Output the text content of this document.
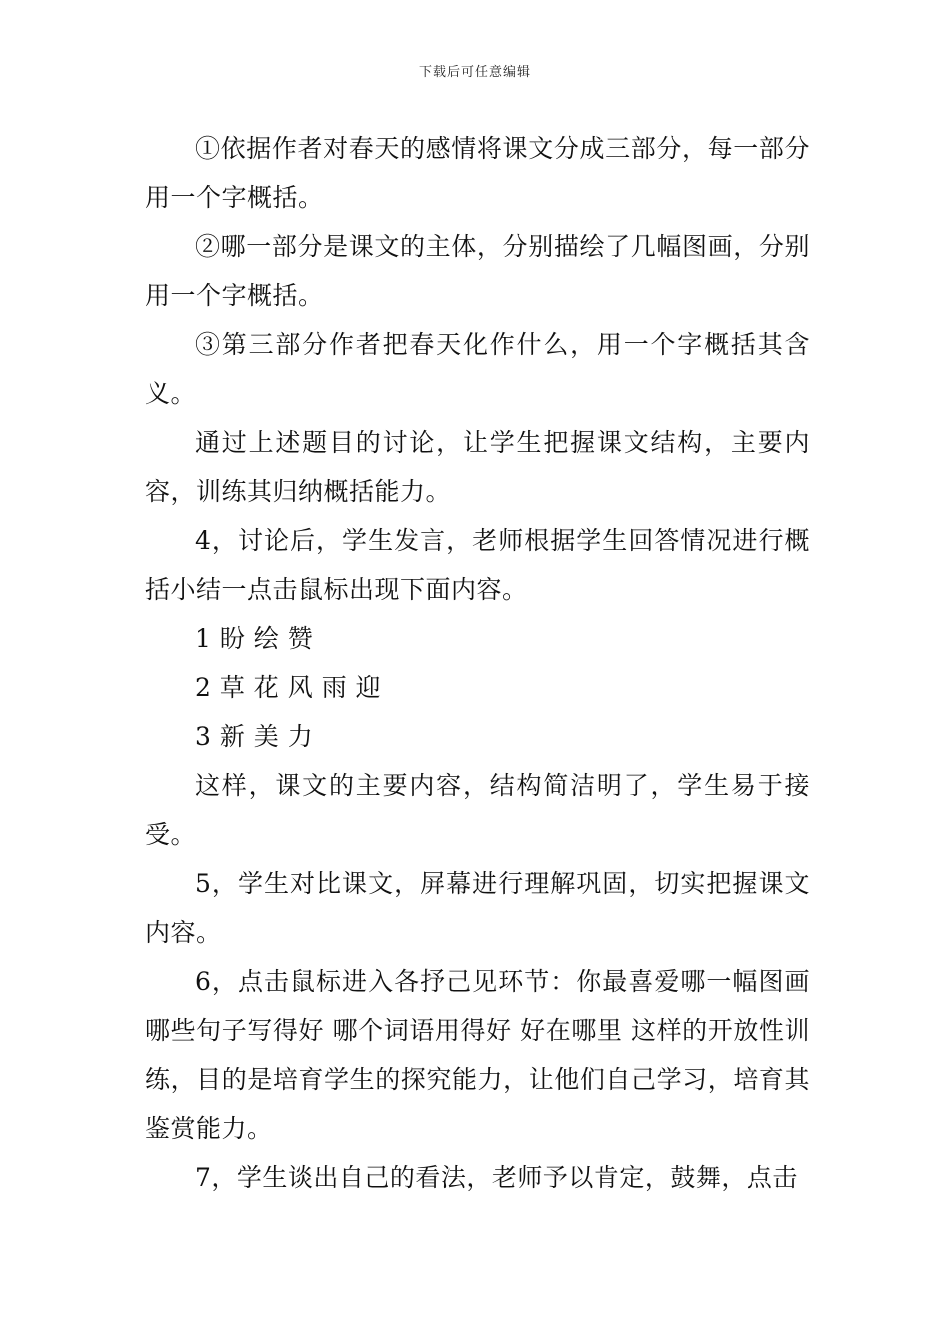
下载后可任意编辑

①依据作者对春天的感情将课文分成三部分，每一部分用一个字概括。

②哪一部分是课文的主体，分别描绘了几幅图画，分别用一个字概括。

③第三部分作者把春天化作什么，用一个字概括其含义。

通过上述题目的讨论，让学生把握课文结构，主要内容，训练其归纳概括能力。

4，讨论后，学生发言，老师根据学生回答情况进行概括小结一点击鼠标出现下面内容。

1 盼 绘 赞

2 草 花 风 雨 迎

3 新 美 力

这样，课文的主要内容，结构简洁明了，学生易于接受。

5，学生对比课文，屏幕进行理解巩固，切实把握课文内容。

6，点击鼠标进入各抒己见环节：你最喜爱哪一幅图画 哪些句子写得好 哪个词语用得好 好在哪里 这样的开放性训练，目的是培育学生的探究能力，让他们自己学习，培育其鉴赏能力。

7，学生谈出自己的看法，老师予以肯定，鼓舞，点击
